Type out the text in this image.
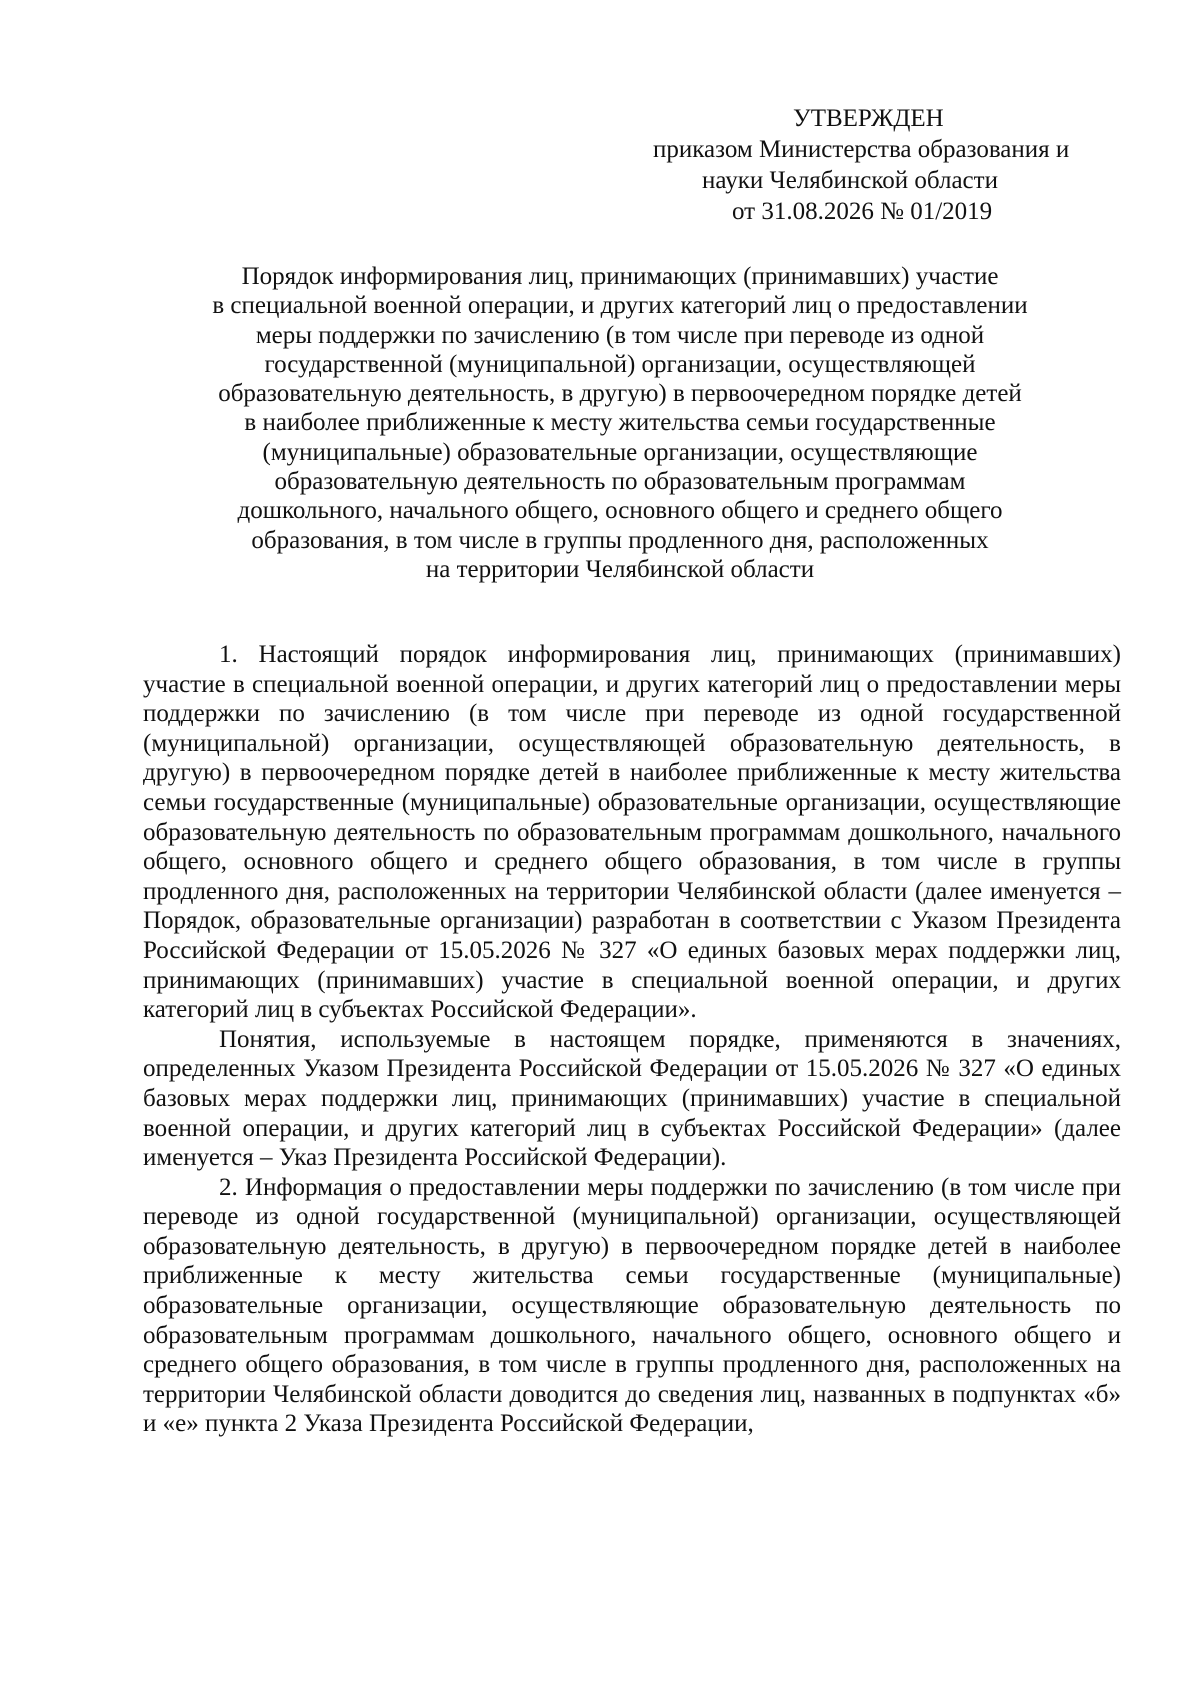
УТВЕРЖДЕН
приказом Министерства образования и
науки Челябинской области
от 31.08.2026 № 01/2019
Порядок информирования лиц, принимающих (принимавших) участие
в специальной военной операции, и других категорий лиц о предоставлении
меры поддержки по зачислению (в том числе при переводе из одной
государственной (муниципальной) организации, осуществляющей
образовательную деятельность, в другую) в первоочередном порядке детей
в наиболее приближенные к месту жительства семьи государственные
(муниципальные) образовательные организации, осуществляющие
образовательную деятельность по образовательным программам
дошкольного, начального общего, основного общего и среднего общего
образования, в том числе в группы продленного дня, расположенных
на территории Челябинской области

1. Настоящий порядок информирования лиц, принимающих (принимавших) участие в специальной военной операции, и других категорий лиц о предоставлении меры поддержки по зачислению (в том числе при переводе из одной государственной (муниципальной) организации, осуществляющей образовательную деятельность, в другую) в первоочередном порядке детей в наиболее приближенные к месту жительства семьи государственные (муниципальные) образовательные организации, осуществляющие образовательную деятельность по образовательным программам дошкольного, начального общего, основного общего и среднего общего образования, в том числе в группы продленного дня, расположенных на территории Челябинской области (далее именуется – Порядок, образовательные организации) разработан в соответствии с Указом Президента Российской Федерации от 15.05.2026 № 327 «О единых базовых мерах поддержки лиц, принимающих (принимавших) участие в специальной военной операции, и других категорий лиц в субъектах Российской Федерации».

Понятия, используемые в настоящем порядке, применяются в значениях, определенных Указом Президента Российской Федерации от 15.05.2026 № 327 «О единых базовых мерах поддержки лиц, принимающих (принимавших) участие в специальной военной операции, и других категорий лиц в субъектах Российской Федерации» (далее именуется – Указ Президента Российской Федерации).

2. Информация о предоставлении меры поддержки по зачислению (в том числе при переводе из одной государственной (муниципальной) организации, осуществляющей образовательную деятельность, в другую) в первоочередном порядке детей в наиболее приближенные к месту жительства семьи государственные (муниципальные) образовательные организации, осуществляющие образовательную деятельность по образовательным программам дошкольного, начального общего, основного общего и среднего общего образования, в том числе в группы продленного дня, расположенных на территории Челябинской области доводится до сведения лиц, названных в подпунктах «б» и «е» пункта 2 Указа Президента Российской Федерации,
